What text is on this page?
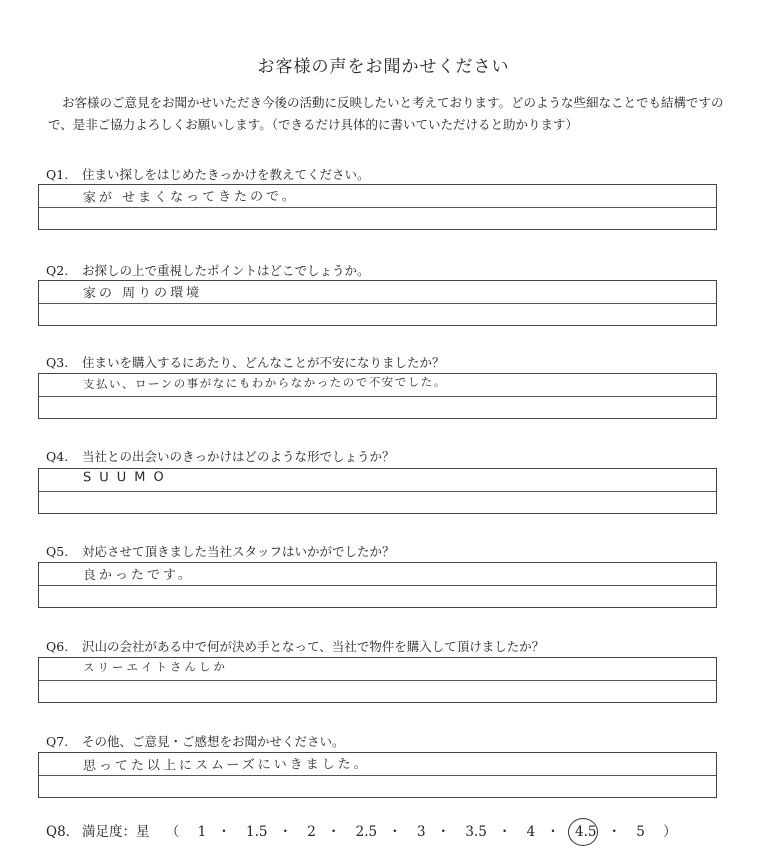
お客様の声をお聞かせください
お客様のご意見をお聞かせいただき今後の活動に反映したいと考えております。どのような些細なことでも結構ですので、是非ご協力よろしくお願いします。（できるだけ具体的に書いていただけると助かります）
Q1. 住まい探しをはじめたきっかけを教えてください。
家が せまくなってきたので。
Q2. お探しの上で重視したポイントはどこでしょうか。
家の 周りの環境
Q3. 住まいを購入するにあたり、どんなことが不安になりましたか？
支払い、ローンの事がなにもわからなかったので不安でした。
Q4. 当社との出会いのきっかけはどのような形でしょうか？
SUUMO
Q5. 対応させて頂きました当社スタッフはいかがでしたか？
良かったです。
Q6. 沢山の会社がある中で何が決め手となって、当社で物件を購入して頂けましたか？
スリーエイトさんしか
Q7. その他、ご意見・ご感想をお聞かせください。
思ってた以上にスムーズにいきました。
Q8. 満足度：星 （ 1 ・ 1.5 ・ 2 ・ 2.5 ・ 3 ・ 3.5 ・ 4 ・ 4.5 ・ 5 ）
